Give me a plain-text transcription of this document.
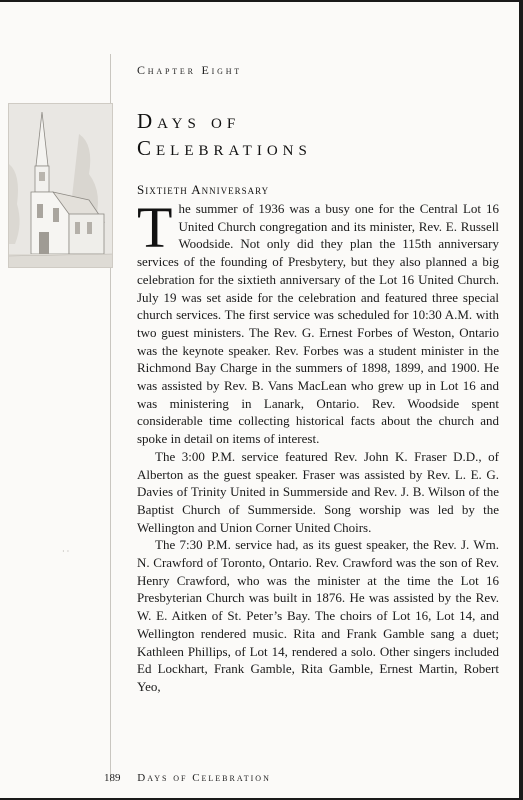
Chapter Eight
Days of
Celebrations
Sixtieth Anniversary

The summer of 1936 was a busy one for the Central Lot 16 United Church congregation and its minister, Rev. E. Russell Woodside. Not only did they plan the 115th anniversary services of the founding of Presbytery, but they also planned a big celebration for the sixtieth anniversary of the Lot 16 United Church. July 19 was set aside for the celebration and featured three special church services. The first service was scheduled for 10:30 A.M. with two guest ministers. The Rev. G. Ernest Forbes of Weston, Ontario was the keynote speaker. Rev. Forbes was a student minister in the Richmond Bay Charge in the summers of 1898, 1899, and 1900. He was assisted by Rev. B. Vans MacLean who grew up in Lot 16 and was ministering in Lanark, Ontario. Rev. Woodside spent considerable time collecting historical facts about the church and spoke in detail on items of interest.

The 3:00 P.M. service featured Rev. John K. Fraser D.D., of Alberton as the guest speaker. Fraser was assisted by Rev. L. E. G. Davies of Trinity United in Summerside and Rev. J. B. Wilson of the Baptist Church of Summerside. Song worship was led by the Wellington and Union Corner United Choirs.

The 7:30 P.M. service had, as its guest speaker, the Rev. J. Wm. N. Crawford of Toronto, Ontario. Rev. Crawford was the son of Rev. Henry Crawford, who was the minister at the time the Lot 16 Presbyterian Church was built in 1876. He was assisted by the Rev. W. E. Aitken of St. Peter’s Bay. The choirs of Lot 16, Lot 14, and Wellington rendered music. Rita and Frank Gamble sang a duet; Kathleen Phillips, of Lot 14, rendered a solo. Other singers included Ed Lockhart, Frank Gamble, Rita Gamble, Ernest Martin, Robert Yeo,

· ·
189 Days of Celebration
